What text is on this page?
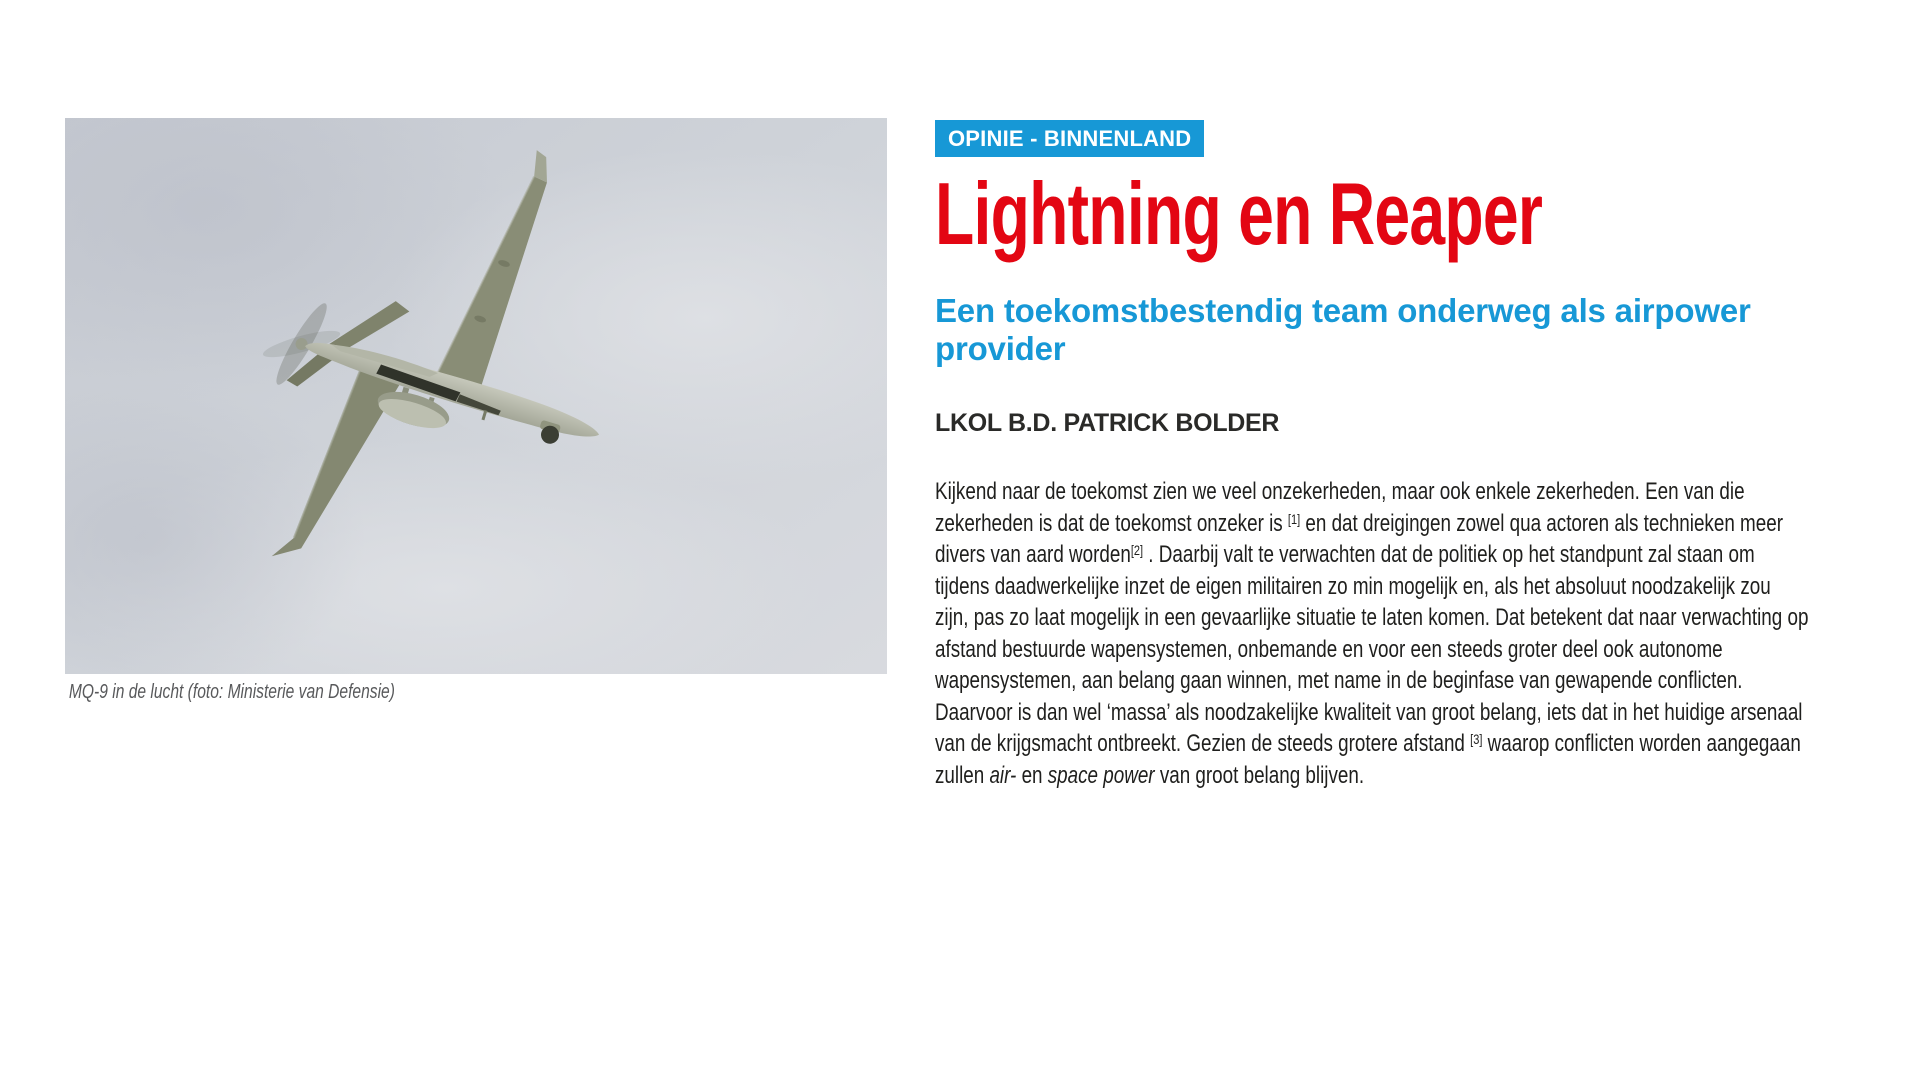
MQ-9 in de lucht (foto: Ministerie van Defensie)
OPINIE - BINNENLAND
Lightning en Reaper
Een toekomstbestendig team onderweg als airpower
provider
LKOL B.D. PATRICK BOLDER
Kijkend naar de toekomst zien we veel onzekerheden, maar ook enkele zekerheden. Een van die
zekerheden is dat de toekomst onzeker is [1] en dat dreigingen zowel qua actoren als technieken meer
divers van aard worden[2] . Daarbij valt te verwachten dat de politiek op het standpunt zal staan om
tijdens daadwerkelijke inzet de eigen militairen zo min mogelijk en, als het absoluut noodzakelijk zou
zijn, pas zo laat mogelijk in een gevaarlijke situatie te laten komen. Dat betekent dat naar verwachting op
afstand bestuurde wapensystemen, onbemande en voor een steeds groter deel ook autonome
wapensystemen, aan belang gaan winnen, met name in de beginfase van gewapende conflicten.
Daarvoor is dan wel ‘massa’ als noodzakelijke kwaliteit van groot belang, iets dat in het huidige arsenaal
van de krijgsmacht ontbreekt. Gezien de steeds grotere afstand [3] waarop conflicten worden aangegaan
zullen air- en space power van groot belang blijven.
